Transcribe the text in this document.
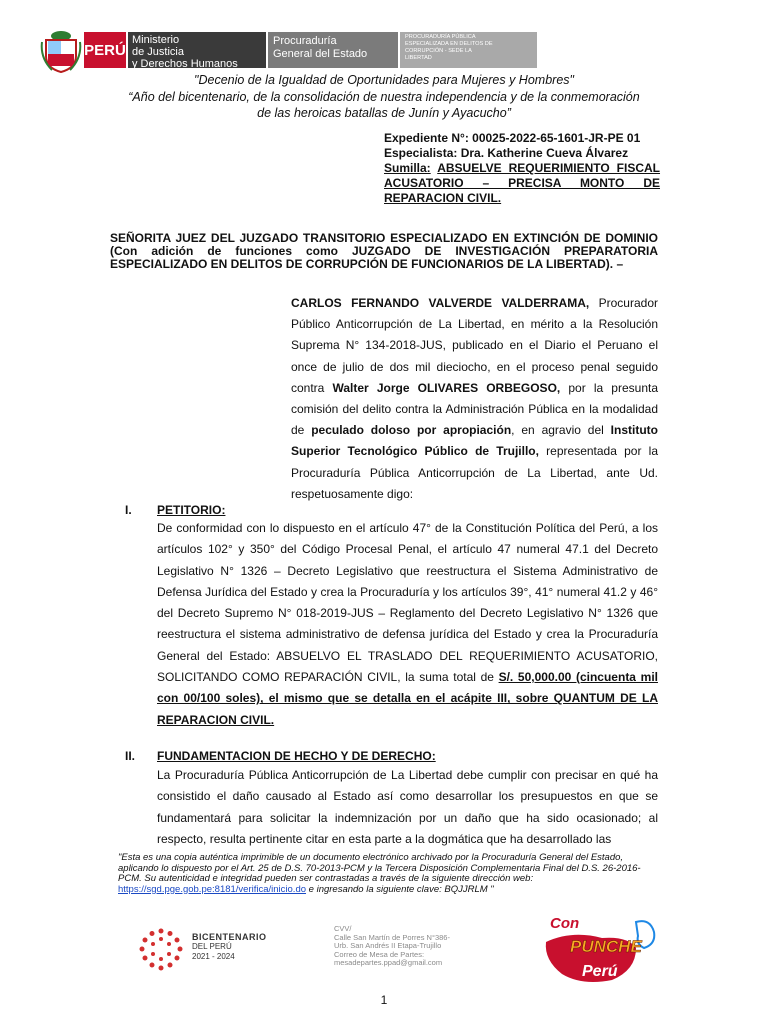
PERÚ
Ministerio
de Justicia
y Derechos Humanos
Procuraduría
General del Estado
PROCURADURÍA PÚBLICA
ESPECIALIZADA EN DELITOS DE
CORRUPCIÓN - SEDE LA
LIBERTAD
"Decenio de la Igualdad de Oportunidades para Mujeres y Hombres"
“Año del bicentenario, de la consolidación de nuestra independencia y de la conmemoración de las heroicas batallas de Junín y Ayacucho”
Expediente N°: 00025-2022-65-1601-JR-PE 01
Especialista: Dra. Katherine Cueva Álvarez
Sumilla: ABSUELVE REQUERIMIENTO FISCAL ACUSATORIO – PRECISA MONTO DE REPARACION CIVIL.
SEÑORITA JUEZ DEL JUZGADO TRANSITORIO ESPECIALIZADO EN EXTINCIÓN DE DOMINIO (Con adición de funciones como JUZGADO DE INVESTIGACIÓN PREPARATORIA ESPECIALIZADO EN DELITOS DE CORRUPCIÓN DE FUNCIONARIOS DE LA LIBERTAD). –
CARLOS FERNANDO VALVERDE VALDERRAMA, Procurador Público Anticorrupción de La Libertad, en mérito a la Resolución Suprema N° 134-2018-JUS, publicado en el Diario el Peruano el once de julio de dos mil dieciocho, en el proceso penal seguido contra Walter Jorge OLIVARES ORBEGOSO, por la presunta comisión del delito contra la Administración Pública en la modalidad de peculado doloso por apropiación, en agravio del Instituto Superior Tecnológico Público de Trujillo, representada por la Procuraduría Pública Anticorrupción de La Libertad, ante Ud. respetuosamente digo:
I. PETITORIO:
De conformidad con lo dispuesto en el artículo 47° de la Constitución Política del Perú, a los artículos 102° y 350° del Código Procesal Penal, el artículo 47 numeral 47.1 del Decreto Legislativo N° 1326 – Decreto Legislativo que reestructura el Sistema Administrativo de Defensa Jurídica del Estado y crea la Procuraduría y los artículos 39°, 41° numeral 41.2 y 46° del Decreto Supremo N° 018-2019-JUS – Reglamento del Decreto Legislativo N° 1326 que reestructura el sistema administrativo de defensa jurídica del Estado y crea la Procuraduría General del Estado: ABSUELVO EL TRASLADO DEL REQUERIMIENTO ACUSATORIO, SOLICITANDO COMO REPARACIÓN CIVIL, la suma total de S/. 50,000.00 (cincuenta mil con 00/100 soles), el mismo que se detalla en el acápite III, sobre QUANTUM DE LA REPARACION CIVIL.
II. FUNDAMENTACION DE HECHO Y DE DERECHO:
La Procuraduría Pública Anticorrupción de La Libertad debe cumplir con precisar en qué ha consistido el daño causado al Estado así como desarrollar los presupuestos en que se fundamentará para solicitar la indemnización por un daño que ha sido ocasionado; al respecto, resulta pertinente citar en esta parte a la dogmática que ha desarrollado las
"Esta es una copia auténtica imprimible de un documento electrónico archivado por la Procuraduría General del Estado, aplicando lo dispuesto por el Art. 25 de D.S. 70-2013-PCM y la Tercera Disposición Complementaria Final del D.S. 26-2016-PCM. Su autenticidad e integridad pueden ser contrastadas a través de la siguiente dirección web: https://sgd.pge.gob.pe:8181/verifica/inicio.do e ingresando la siguiente clave: BQJJRLM "
BICENTENARIO
DEL PERÚ
2021 - 2024
CVV/
Calle San Martín de Porres N°386-
Urb. San Andrés II Etapa-Trujillo
Correo de Mesa de Partes:
mesadepartes.ppad@gmail.com
Con
PUNCHE
Perú
1
